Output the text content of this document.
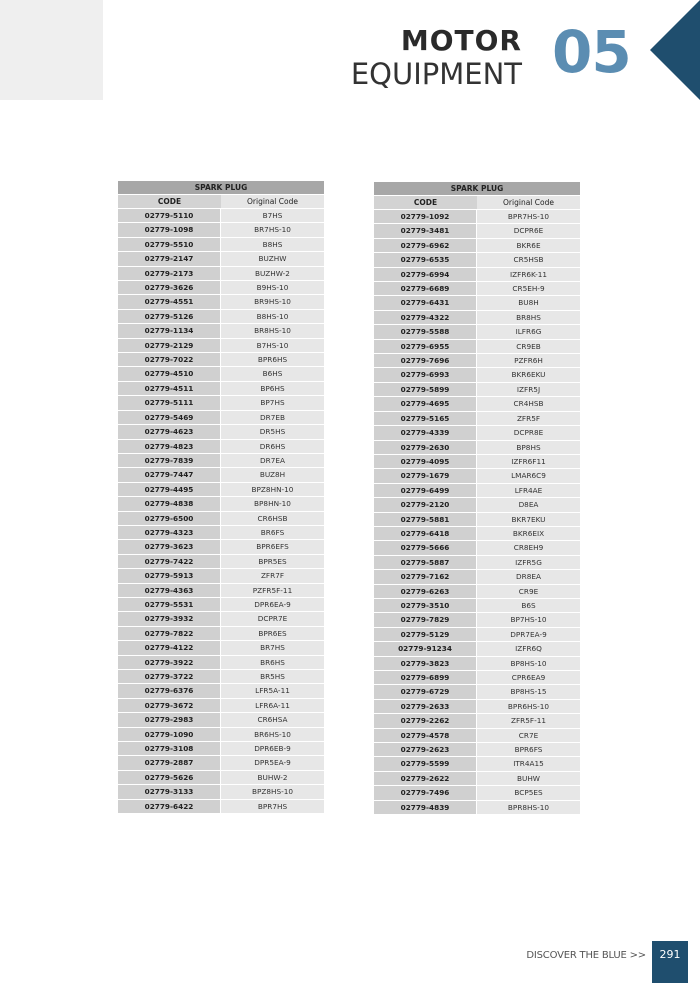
MOTOR
EQUIPMENT 05
SPARK PLUG	
CODE	Original Code
02779-5110	B7HS
02779-1098	BR7HS-10
02779-5510	B8HS
02779-2147	BUZHW
02779-2173	BUZHW-2
02779-3626	B9HS-10
02779-4551	BR9HS-10
02779-5126	B8HS-10
02779-1134	BR8HS-10
02779-2129	B7HS-10
02779-7022	BPR6HS
02779-4510	B6HS
02779-4511	BP6HS
02779-5111	BP7HS
02779-5469	DR7EB
02779-4623	DR5HS
02779-4823	DR6HS
02779-7839	DR7EA
02779-7447	BUZ8H
02779-4495	BPZ8HN-10
02779-4838	BP8HN-10
02779-6500	CR6HSB
02779-4323	BR6FS
02779-3623	BPR6EFS
02779-7422	BPR5ES
02779-5913	ZFR7F
02779-4363	PZFR5F-11
02779-5531	DPR6EA-9
02779-3932	DCPR7E
02779-7822	BPR6ES
02779-4122	BR7HS
02779-3922	BR6HS
02779-3722	BR5HS
02779-6376	LFR5A-11
02779-3672	LFR6A-11
02779-2983	CR6HSA
02779-1090	BR6HS-10
02779-3108	DPR6EB-9
02779-2887	DPR5EA-9
02779-5626	BUHW-2
02779-3133	BPZ8HS-10
02779-6422	BPR7HS
SPARK PLUG	
CODE	Original Code
02779-1092	BPR7HS-10
02779-3481	DCPR6E
02779-6962	BKR6E
02779-6535	CR5HSB
02779-6994	IZFR6K-11
02779-6689	CR5EH-9
02779-6431	BU8H
02779-4322	BR8HS
02779-5588	ILFR6G
02779-6955	CR9EB
02779-7696	PZFR6H
02779-6993	BKR6EKU
02779-5899	IZFR5J
02779-4695	CR4HSB
02779-5165	ZFR5F
02779-4339	DCPR8E
02779-2630	BP8HS
02779-4095	IZFR6F11
02779-1679	LMAR6C9
02779-6499	LFR4AE
02779-2120	D8EA
02779-5881	BKR7EKU
02779-6418	BKR6EIX
02779-5666	CR8EH9
02779-5887	IZFR5G
02779-7162	DR8EA
02779-6263	CR9E
02779-3510	B6S
02779-7829	BP7HS-10
02779-5129	DPR7EA-9
02779-91234	IZFR6Q
02779-3823	BP8HS-10
02779-6899	CPR6EA9
02779-6729	BP8HS-15
02779-2633	BPR6HS-10
02779-2262	ZFR5F-11
02779-4578	CR7E
02779-2623	BPR6FS
02779-5599	ITR4A15
02779-2622	BUHW
02779-7496	BCP5ES
02779-4839	BPR8HS-10
DISCOVER THE BLUE >>	291
